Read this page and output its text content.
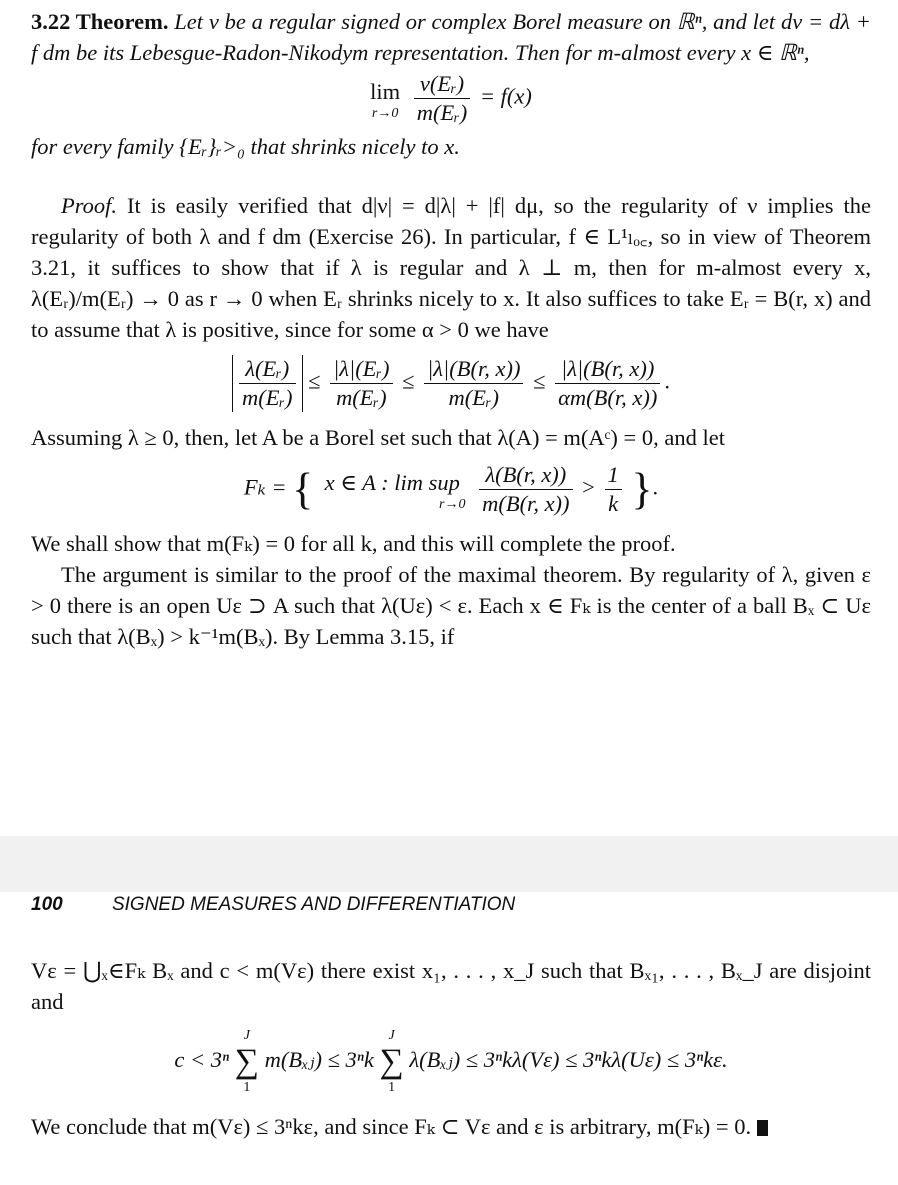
3.22 Theorem. Let ν be a regular signed or complex Borel measure on ℝⁿ, and let dν = dλ + f dm be its Lebesgue-Radon-Nikodym representation. Then for m-almost every x ∈ ℝⁿ,

lim
r→0
$\frac{\text{ν(Eᵣ)}}{\text{m(Eᵣ)}} = f(x)$

for every family {Eᵣ}ᵣ>₀ that shrinks nicely to x.

Proof. It is easily verified that d|ν| = d|λ| + |f| dμ, so the regularity of ν implies the regularity of both λ and f dm (Exercise 26). In particular, f ∈ L¹ₗₒ꜀, so in view of Theorem 3.21, it suffices to show that if λ is regular and λ ⊥ m, then for m-almost every x, λ(Eᵣ)/m(Eᵣ) → 0 as r → 0 when Eᵣ shrinks nicely to x. It also suffices to take Eᵣ = B(r, x) and to assume that λ is positive, since for some α > 0 we have

$\frac{\text{λ(Eᵣ)}}{\text{m(Eᵣ)}} \le \frac{\text{|λ|(Eᵣ)}}{\text{m(Eᵣ)}} \le \frac{|\lambda|(B(r, x))}{\text{m(Eᵣ)}} \le \frac{|\lambda|(B(r, x))}{\alpha m(B(r, x))}$ .

Assuming λ ≥ 0, then, let A be a Borel set such that λ(A) = m(Aᶜ) = 0, and let

Fₖ = { x ∈ A : lim sup
r→0
$\frac{\lambda(B(r, x))}{m(B(r, x))} > \frac{1}{k}$ }.

We shall show that m(Fₖ) = 0 for all k, and this will complete the proof.

The argument is similar to the proof of the maximal theorem. By regularity of λ, given ε > 0 there is an open Uε ⊃ A such that λ(Uε) < ε. Each x ∈ Fₖ is the center of a ball Bₓ ⊂ Uε such that λ(Bₓ) > k⁻¹m(Bₓ). By Lemma 3.15, if

100	SIGNED MEASURES AND DIFFERENTIATION

Vε = ⋃ₓ∈Fₖ Bₓ and c < m(Vε) there exist x₁, . . . , x_J such that Bₓ₁, . . . , Bₓ_J are disjoint and

c < 3ⁿ
J
∑
1
m(Bₓⱼ) ≤ 3ⁿk
J
∑
1
λ(Bₓⱼ) ≤ 3ⁿkλ(Vε) ≤ 3ⁿkλ(Uε) ≤ 3ⁿkε.

We conclude that m(Vε) ≤ 3ⁿkε, and since Fₖ ⊂ Vε and ε is arbitrary, m(Fₖ) = 0.
